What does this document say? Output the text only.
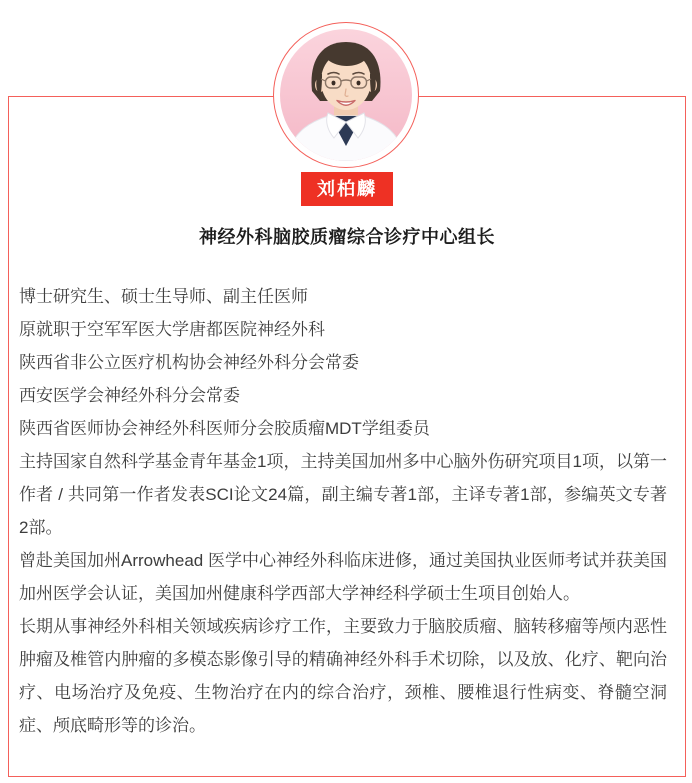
刘柏麟
神经外科脑胶质瘤综合诊疗中心组长

博士研究生、硕士生导师、副主任医师

原就职于空军军医大学唐都医院神经外科

陕西省非公立医疗机构协会神经外科分会常委

西安医学会神经外科分会常委

陕西省医师协会神经外科医师分会胶质瘤MDT学组委员

主持国家自然科学基金青年基金1项，主持美国加州多中心脑外伤研究项目1项，以第一作者 / 共同第一作者发表SCI论文24篇，副主编专著1部，主译专著1部，参编英文专著2部。

曾赴美国加州Arrowhead 医学中心神经外科临床进修，通过美国执业医师考试并获美国加州医学会认证，美国加州健康科学西部大学神经科学硕士生项目创始人。

长期从事神经外科相关领域疾病诊疗工作，主要致力于脑胶质瘤、脑转移瘤等颅内恶性肿瘤及椎管内肿瘤的多模态影像引导的精确神经外科手术切除，以及放、化疗、靶向治疗、电场治疗及免疫、生物治疗在内的综合治疗，颈椎、腰椎退行性病变、脊髓空洞症、颅底畸形等的诊治。
